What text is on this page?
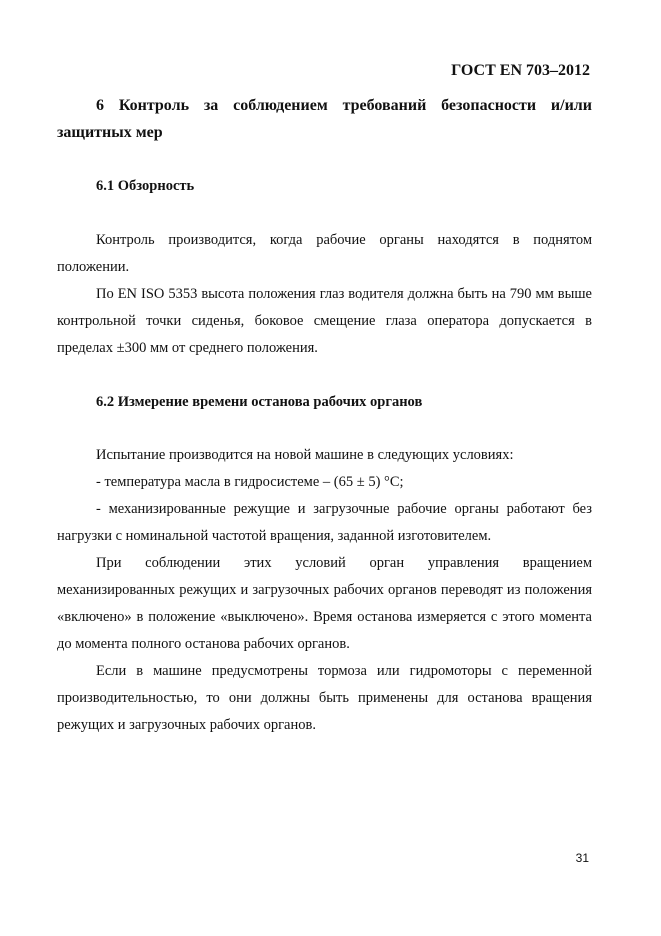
ГОСТ EN 703–2012
6 Контроль за соблюдением требований безопасности и/или защитных мер
6.1 Обзорность

Контроль производится, когда рабочие органы находятся в поднятом положении.

По EN ISO 5353 высота положения глаз водителя должна быть на 790 мм выше контрольной точки сиденья, боковое смещение глаза оператора допускается в пределах ±300 мм от среднего положения.

6.2 Измерение времени останова рабочих органов

Испытание производится на новой машине в следующих условиях:

- температура масла в гидросистеме – (65 ± 5) °С;

- механизированные режущие и загрузочные рабочие органы работают без нагрузки с номинальной частотой вращения, заданной изготовителем.

При соблюдении этих условий орган управления вращением механизированных режущих и загрузочных рабочих органов переводят из положения «включено» в положение «выключено». Время останова измеряется с этого момента до момента полного останова рабочих органов.

Если в машине предусмотрены тормоза или гидромоторы с переменной производительностью, то они должны быть применены для останова вращения режущих и загрузочных рабочих органов.

31
